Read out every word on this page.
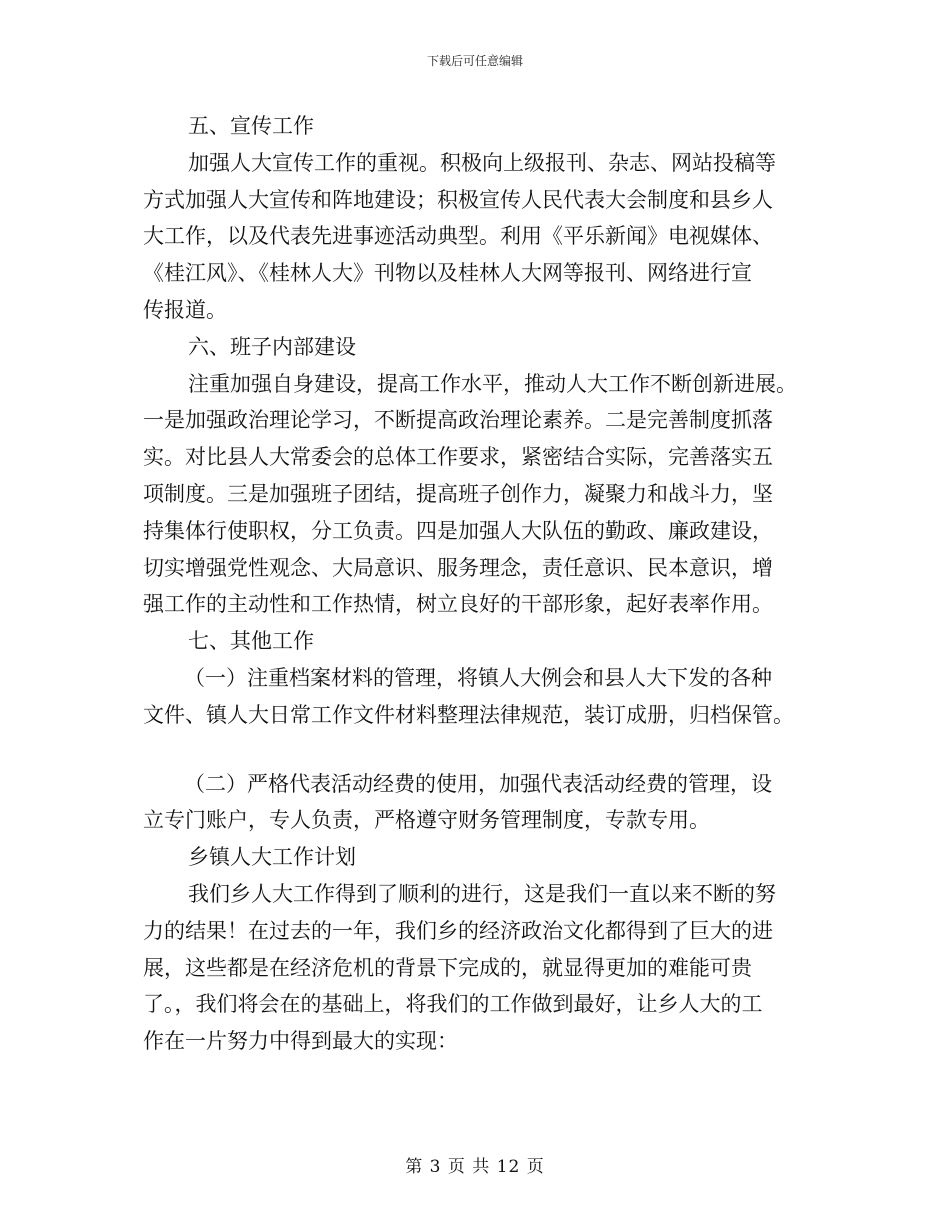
下载后可任意编辑
五、宣传工作
加强人大宣传工作的重视。积极向上级报刊、杂志、网站投稿等
方式加强人大宣传和阵地建设；积极宣传人民代表大会制度和县乡人
大工作，以及代表先进事迹活动典型。利用《平乐新闻》电视媒体、
《桂江风》、《桂林人大》刊物以及桂林人大网等报刊、网络进行宣
传报道。
六、班子内部建设
注重加强自身建设，提高工作水平，推动人大工作不断创新进展。
一是加强政治理论学习，不断提高政治理论素养。二是完善制度抓落
实。对比县人大常委会的总体工作要求，紧密结合实际，完善落实五
项制度。三是加强班子团结，提高班子创作力，凝聚力和战斗力，坚
持集体行使职权，分工负责。四是加强人大队伍的勤政、廉政建设，
切实增强党性观念、大局意识、服务理念，责任意识、民本意识，增
强工作的主动性和工作热情，树立良好的干部形象，起好表率作用。
七、其他工作
（一）注重档案材料的管理，将镇人大例会和县人大下发的各种
文件、镇人大日常工作文件材料整理法律规范，装订成册，归档保管。
（二）严格代表活动经费的使用，加强代表活动经费的管理，设
立专门账户，专人负责，严格遵守财务管理制度，专款专用。
乡镇人大工作计划
我们乡人大工作得到了顺利的进行，这是我们一直以来不断的努
力的结果！在过去的一年，我们乡的经济政治文化都得到了巨大的进
展，这些都是在经济危机的背景下完成的，就显得更加的难能可贵
了。，我们将会在的基础上，将我们的工作做到最好，让乡人大的工
作在一片努力中得到最大的实现：
第 3 页 共 12 页
